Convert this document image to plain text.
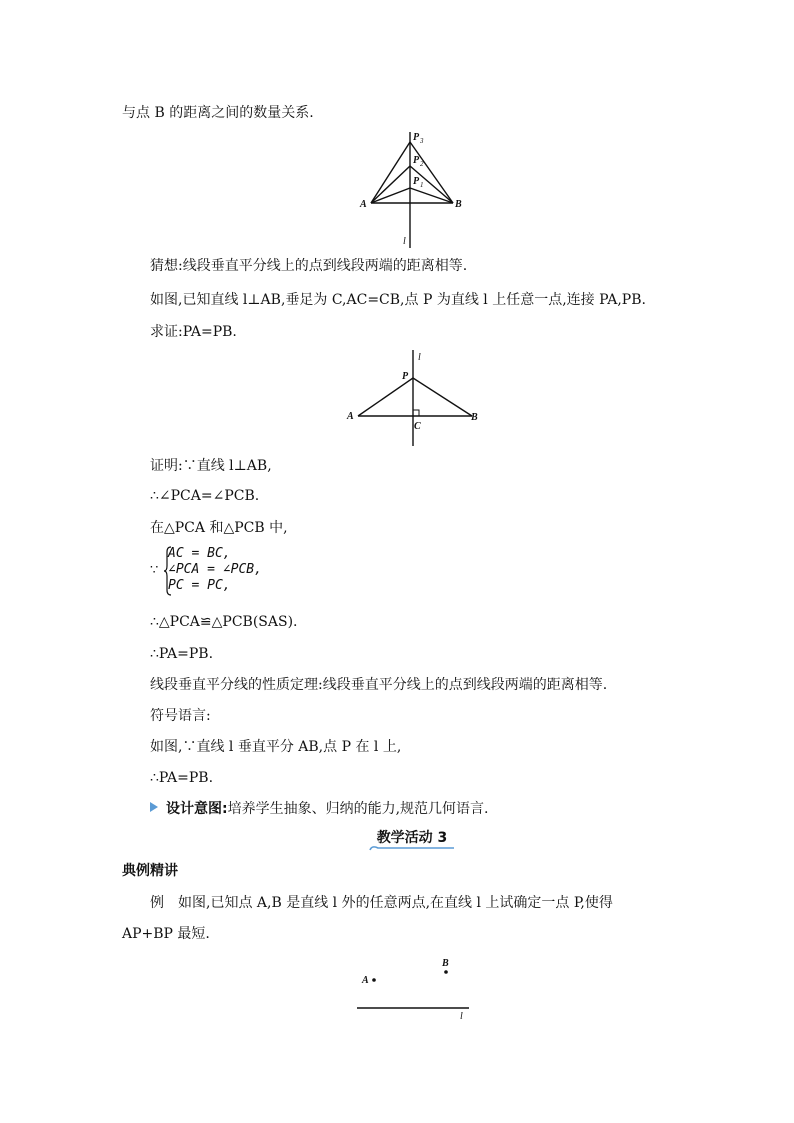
与点 B 的距离之间的数量关系.
P 3
P 2
P 1
A	B
l
猜想:线段垂直平分线上的点到线段两端的距离相等.
如图,已知直线 l⊥AB,垂足为 C,AC=CB,点 P 为直线 l 上任意一点,连接 PA,PB.
求证:PA=PB.
l
P
A	B
C
证明:∵直线 l⊥AB,
∴∠PCA=∠PCB.
在△PCA 和△PCB 中,
∵
AC = BC,
∠PCA = ∠PCB,
PC = PC,
∴△PCA≌△PCB(SAS).
∴PA=PB.
线段垂直平分线的性质定理:线段垂直平分线上的点到线段两端的距离相等.
符号语言:
如图,∵直线 l 垂直平分 AB,点 P 在 l 上,
∴PA=PB.
设计意图:培养学生抽象、归纳的能力,规范几何语言.
教学活动 3
典例精讲
例　如图,已知点 A,B 是直线 l 外的任意两点,在直线 l 上试确定一点 P,使得
AP+BP 最短.
A
B
l
